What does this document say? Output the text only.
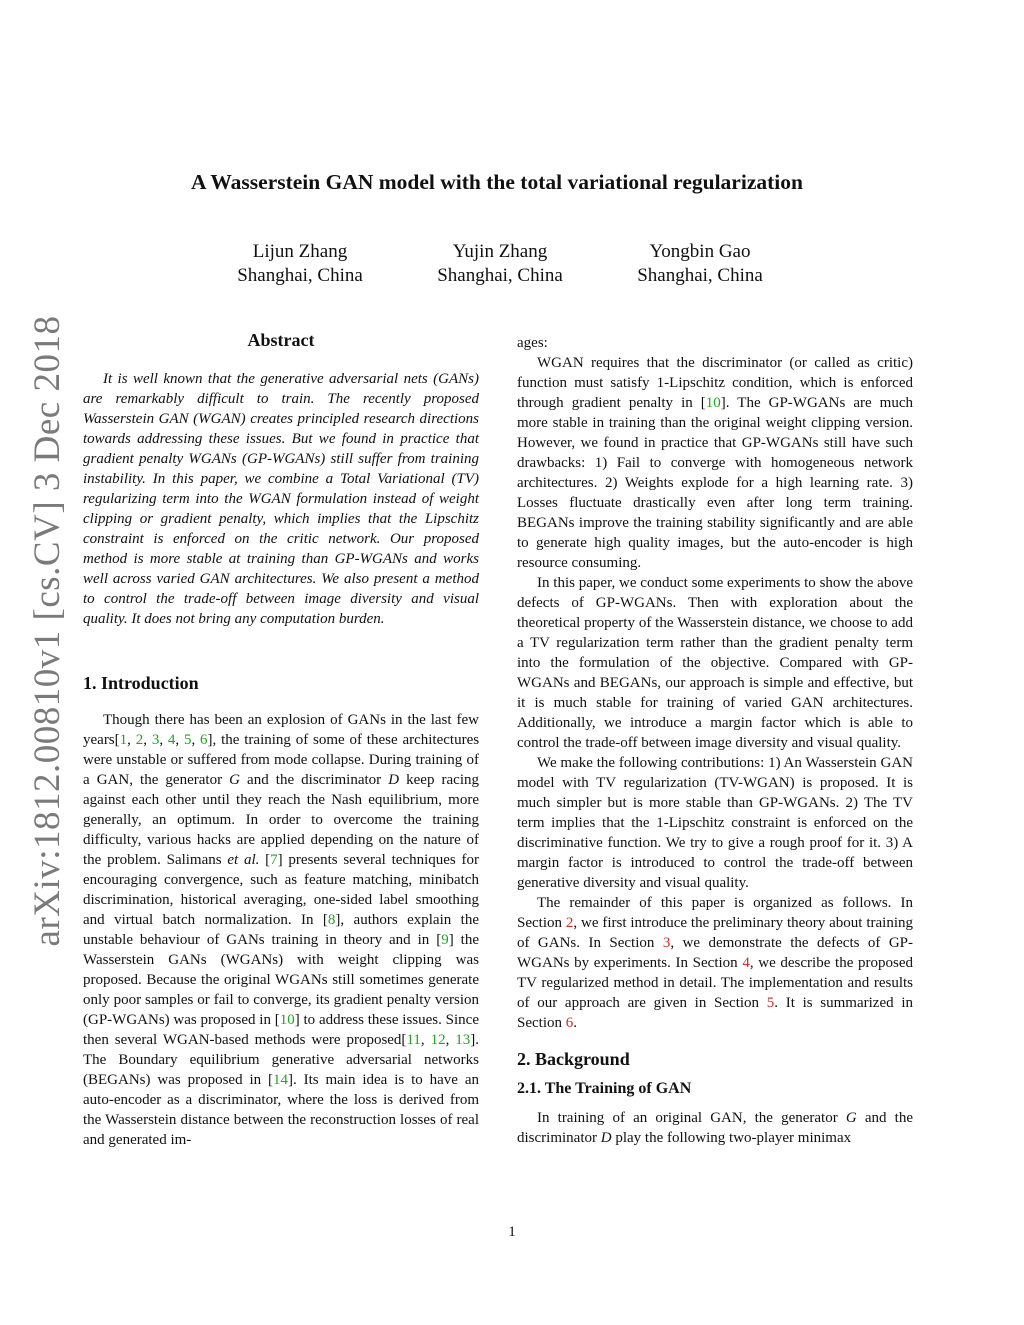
arXiv:1812.00810v1 [cs.CV] 3 Dec 2018
A Wasserstein GAN model with the total variational regularization
Lijun Zhang
Shanghai, China
Yujin Zhang
Shanghai, China
Yongbin Gao
Shanghai, China
Abstract

It is well known that the generative adversarial nets (GANs) are remarkably difficult to train. The recently proposed Wasserstein GAN (WGAN) creates principled research directions towards addressing these issues. But we found in practice that gradient penalty WGANs (GP-WGANs) still suffer from training instability. In this paper, we combine a Total Variational (TV) regularizing term into the WGAN formulation instead of weight clipping or gradient penalty, which implies that the Lipschitz constraint is enforced on the critic network. Our proposed method is more stable at training than GP-WGANs and works well across varied GAN architectures. We also present a method to control the trade-off between image diversity and visual quality. It does not bring any computation burden.

1. Introduction

Though there has been an explosion of GANs in the last few years[1, 2, 3, 4, 5, 6], the training of some of these architectures were unstable or suffered from mode collapse. During training of a GAN, the generator G and the discriminator D keep racing against each other until they reach the Nash equilibrium, more generally, an optimum. In order to overcome the training difficulty, various hacks are applied depending on the nature of the problem. Salimans et al. [7] presents several techniques for encouraging convergence, such as feature matching, minibatch discrimination, historical averaging, one-sided label smoothing and virtual batch normalization. In [8], authors explain the unstable behaviour of GANs training in theory and in [9] the Wasserstein GANs (WGANs) with weight clipping was proposed. Because the original WGANs still sometimes generate only poor samples or fail to converge, its gradient penalty version (GP-WGANs) was proposed in [10] to address these issues. Since then several WGAN-based methods were proposed[11, 12, 13]. The Boundary equilibrium generative adversarial networks (BEGANs) was proposed in [14]. Its main idea is to have an auto-encoder as a discriminator, where the loss is derived from the Wasserstein distance between the reconstruction losses of real and generated im-

ages:

WGAN requires that the discriminator (or called as critic) function must satisfy 1-Lipschitz condition, which is enforced through gradient penalty in [10]. The GP-WGANs are much more stable in training than the original weight clipping version. However, we found in practice that GP-WGANs still have such drawbacks: 1) Fail to converge with homogeneous network architectures. 2) Weights explode for a high learning rate. 3) Losses fluctuate drastically even after long term training. BEGANs improve the training stability significantly and are able to generate high quality images, but the auto-encoder is high resource consuming.

In this paper, we conduct some experiments to show the above defects of GP-WGANs. Then with exploration about the theoretical property of the Wasserstein distance, we choose to add a TV regularization term rather than the gradient penalty term into the formulation of the objective. Compared with GP-WGANs and BEGANs, our approach is simple and effective, but it is much stable for training of varied GAN architectures. Additionally, we introduce a margin factor which is able to control the trade-off between image diversity and visual quality.

We make the following contributions: 1) An Wasserstein GAN model with TV regularization (TV-WGAN) is proposed. It is much simpler but is more stable than GP-WGANs. 2) The TV term implies that the 1-Lipschitz constraint is enforced on the discriminative function. We try to give a rough proof for it. 3) A margin factor is introduced to control the trade-off between generative diversity and visual quality.

The remainder of this paper is organized as follows. In Section 2, we first introduce the preliminary theory about training of GANs. In Section 3, we demonstrate the defects of GP-WGANs by experiments. In Section 4, we describe the proposed TV regularized method in detail. The implementation and results of our approach are given in Section 5. It is summarized in Section 6.

2. Background
2.1. The Training of GAN

In training of an original GAN, the generator G and the discriminator D play the following two-player minimax

1
